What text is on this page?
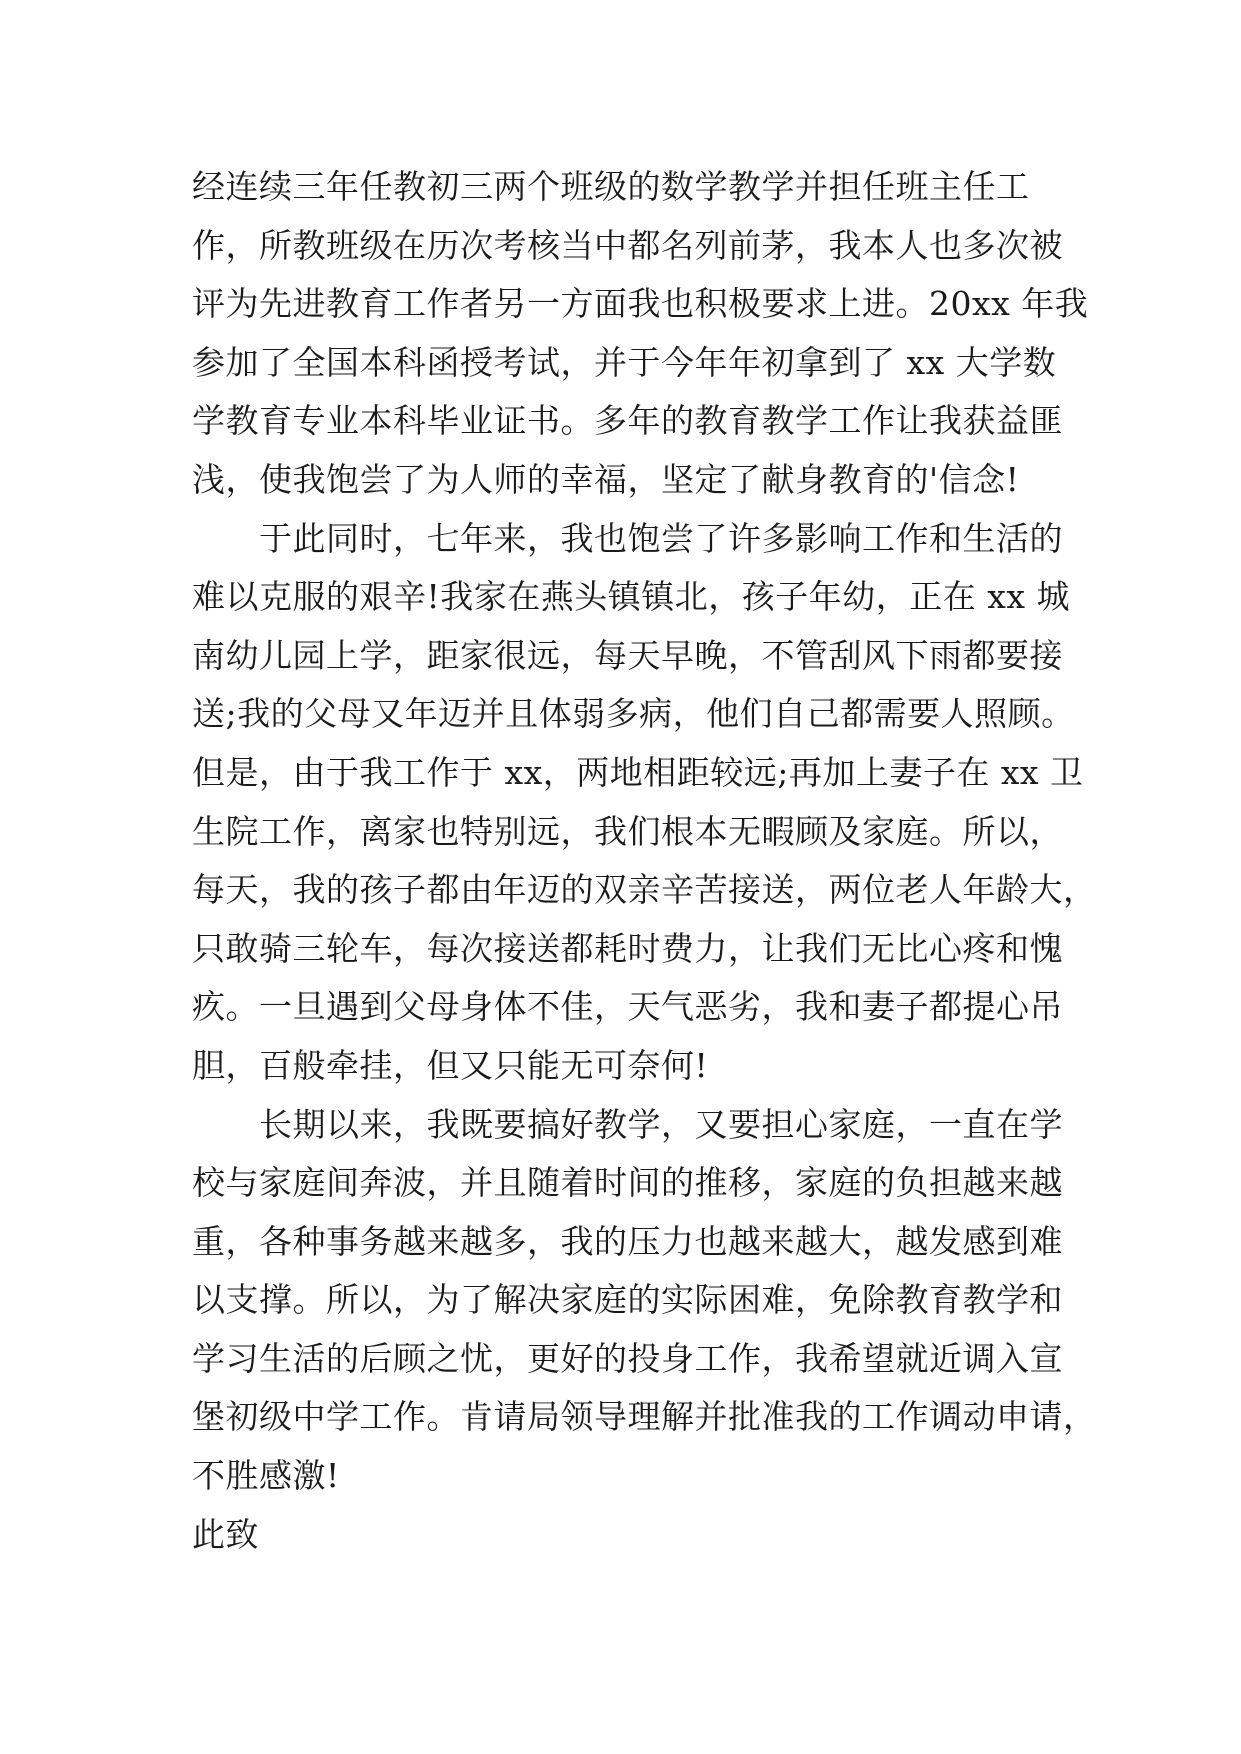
经连续三年任教初三两个班级的数学教学并担任班主任工
作，所教班级在历次考核当中都名列前茅，我本人也多次被
评为先进教育工作者另一方面我也积极要求上进。20xx 年我
参加了全国本科函授考试，并于今年年初拿到了 xx 大学数
学教育专业本科毕业证书。多年的教育教学工作让我获益匪
浅，使我饱尝了为人师的幸福，坚定了献身教育的'信念!
　　于此同时，七年来，我也饱尝了许多影响工作和生活的
难以克服的艰辛!我家在燕头镇镇北，孩子年幼，正在 xx 城
南幼儿园上学，距家很远，每天早晚，不管刮风下雨都要接
送;我的父母又年迈并且体弱多病，他们自己都需要人照顾。
但是，由于我工作于 xx，两地相距较远;再加上妻子在 xx 卫
生院工作，离家也特别远，我们根本无暇顾及家庭。所以，
每天，我的孩子都由年迈的双亲辛苦接送，两位老人年龄大，
只敢骑三轮车，每次接送都耗时费力，让我们无比心疼和愧
疚。一旦遇到父母身体不佳，天气恶劣，我和妻子都提心吊
胆，百般牵挂，但又只能无可奈何!
　　长期以来，我既要搞好教学，又要担心家庭，一直在学
校与家庭间奔波，并且随着时间的推移，家庭的负担越来越
重，各种事务越来越多，我的压力也越来越大，越发感到难
以支撑。所以，为了解决家庭的实际困难，免除教育教学和
学习生活的后顾之忧，更好的投身工作，我希望就近调入宣
堡初级中学工作。肯请局领导理解并批准我的工作调动申请，
不胜感激!
此致
